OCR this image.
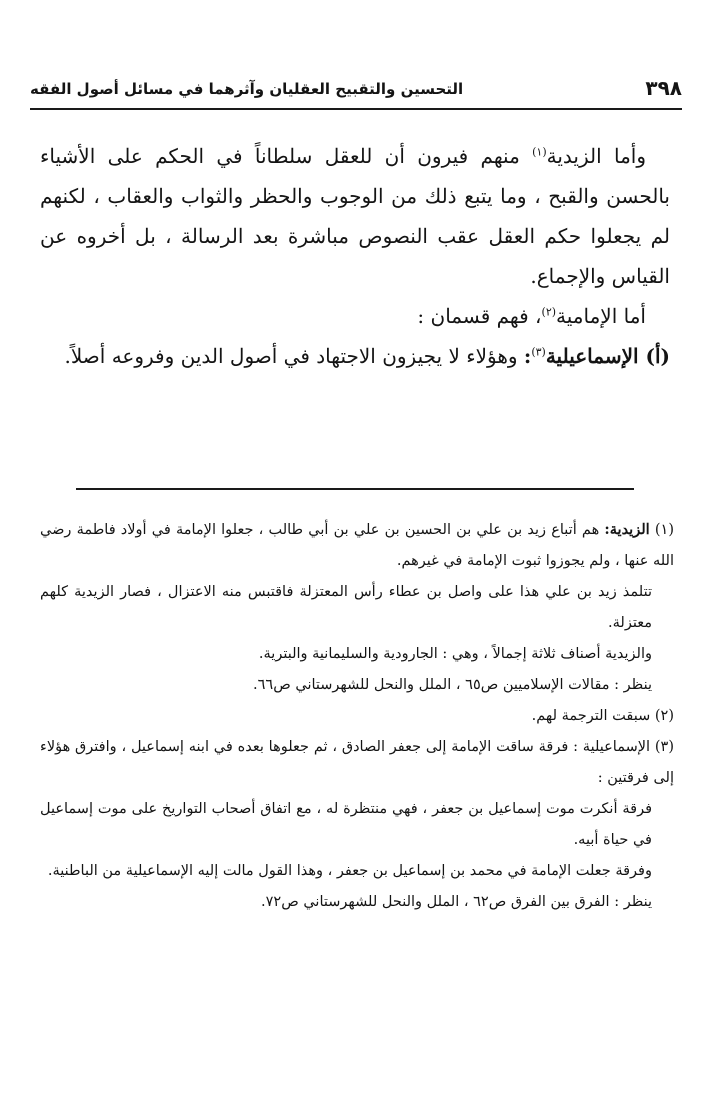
٣٩٨
التحسين والتقبيح العقليان وآثرهما في مسائل أصول الفقه

وأما الزيدية$^{(١)}$ منهم فيرون أن للعقل سلطاناً في الحكم على الأشياء بالحسن والقبح ، وما يتبع ذلك من الوجوب والحظر والثواب والعقاب ، لكنهم لم يجعلوا حكم العقل عقب النصوص مباشرة بعد الرسالة ، بل أخروه عن القياس والإجماع.

أما الإمامية$^{(٢)}$، فهم قسمان :

(أ) الإسماعيلية$^{(٣)}$: وهؤلاء لا يجيزون الاجتهاد في أصول الدين وفروعه أصلاً.

(١) الزيدية: هم أتباع زيد بن علي بن الحسين بن علي بن أبي طالب ، جعلوا الإمامة في أولاد فاطمة رضي الله عنها ، ولم يجوزوا ثبوت الإمامة في غيرهم.

تتلمذ زيد بن علي هذا على واصل بن عطاء رأس المعتزلة فاقتبس منه الاعتزال ، فصار الزيدية كلهم معتزلة.

والزيدية أصناف ثلاثة إجمالاً ، وهي : الجارودية والسليمانية والبترية.

ينظر : مقالات الإسلاميين ص٦٥ ، الملل والنحل للشهرستاني ص٦٦.

(٢) سبقت الترجمة لهم.

(٣) الإسماعيلية : فرقة ساقت الإمامة إلى جعفر الصادق ، ثم جعلوها بعده في ابنه إسماعيل ، وافترق هؤلاء إلى فرقتين :

فرقة أنكرت موت إسماعيل بن جعفر ، فهي منتظرة له ، مع اتفاق أصحاب التواريخ على موت إسماعيل في حياة أبيه.

وفرقة جعلت الإمامة في محمد بن إسماعيل بن جعفر ، وهذا القول مالت إليه الإسماعيلية من الباطنية.

ينظر : الفرق بين الفرق ص٦٢ ، الملل والنحل للشهرستاني ص٧٢.
